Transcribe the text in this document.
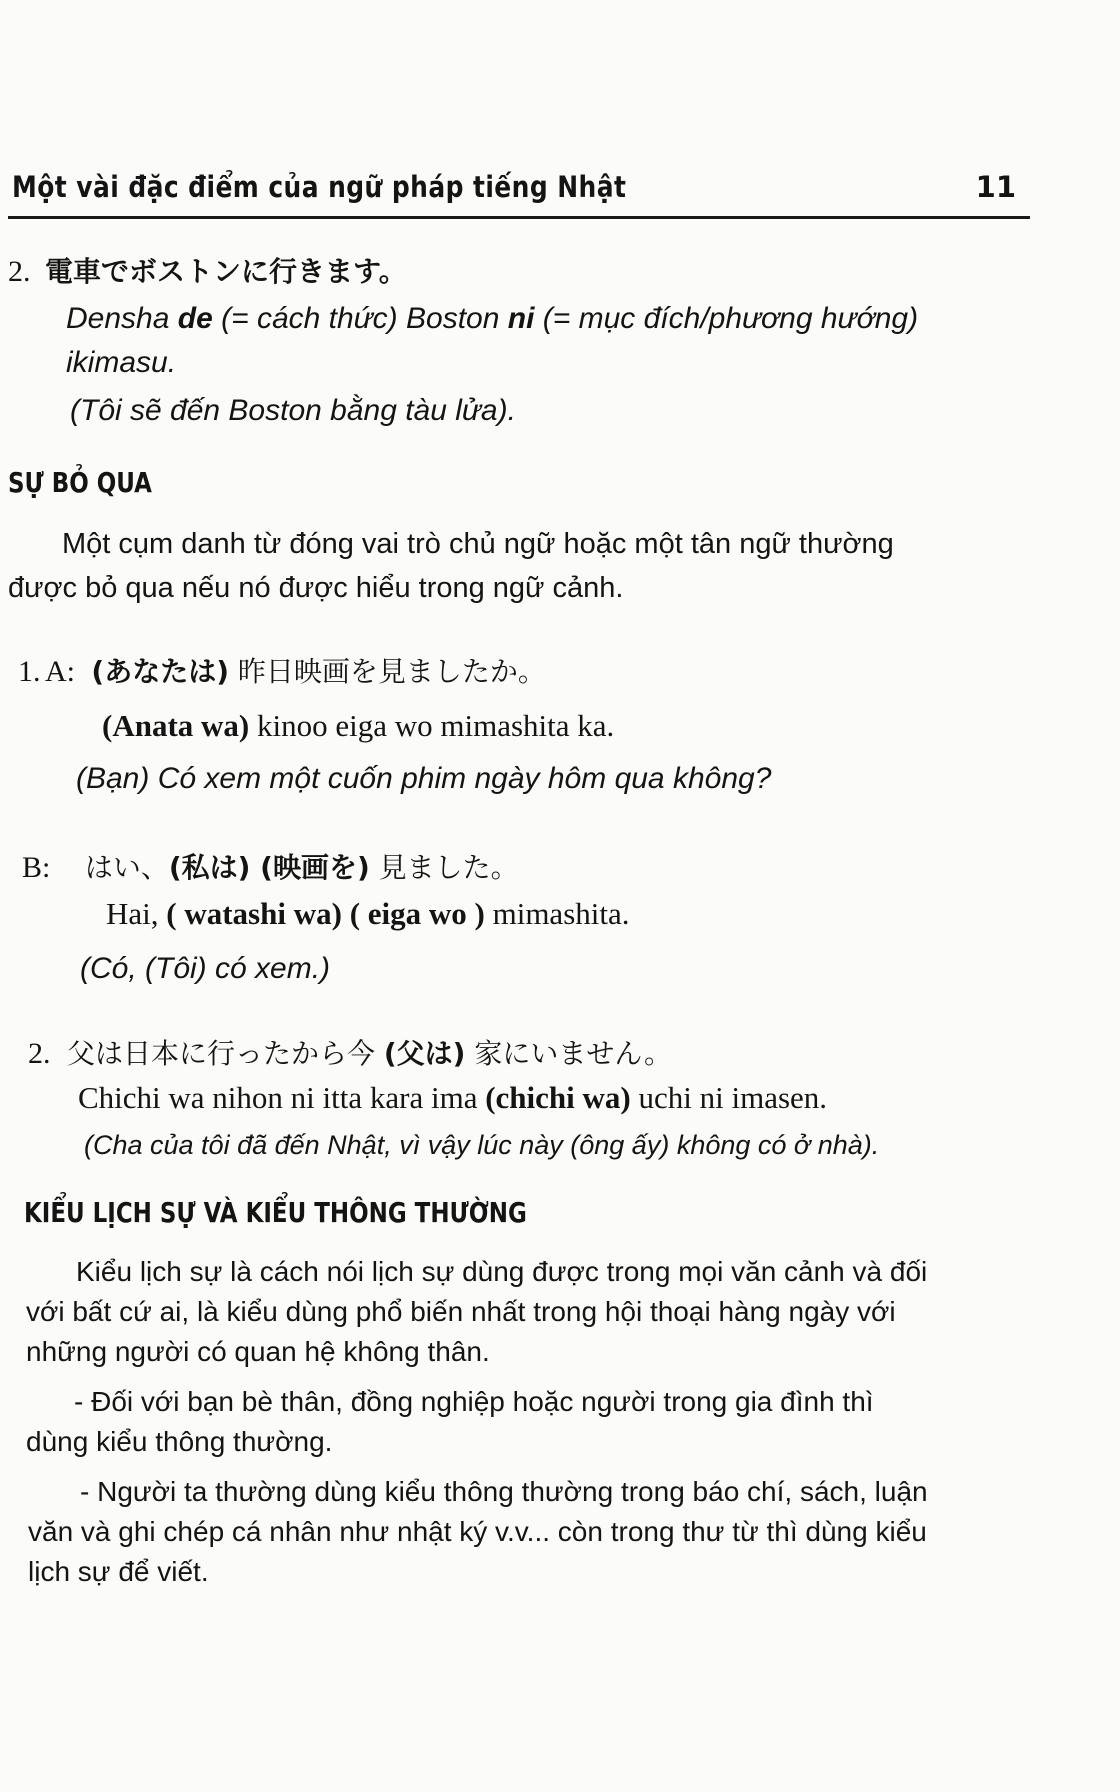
Một vài đặc điểm của ngữ pháp tiếng Nhật	11
2. 電車でボストンに行きます。
Densha de (= cách thức) Boston ni (= mục đích/phương hướng)
ikimasu.
(Tôi sẽ đến Boston bằng tàu lửa).
SỰ BỎ QUA
Một cụm danh từ đóng vai trò chủ ngữ hoặc một tân ngữ thường
được bỏ qua nếu nó được hiểu trong ngữ cảnh.
1. A: (あなたは) 昨日映画を見ましたか。
(Anata wa) kinoo eiga wo mimashita ka.
(Bạn) Có xem một cuốn phim ngày hôm qua không?
B: はい、(私は) (映画を) 見ました。
Hai, ( watashi wa) ( eiga wo ) mimashita.
(Có, (Tôi) có xem.)
2. 父は日本に行ったから今 (父は) 家にいません。
Chichi wa nihon ni itta kara ima (chichi wa) uchi ni imasen.
(Cha của tôi đã đến Nhật, vì vậy lúc này (ông ấy) không có ở nhà).
KIỂU LỊCH SỰ VÀ KIỂU THÔNG THƯỜNG
Kiểu lịch sự là cách nói lịch sự dùng được trong mọi văn cảnh và đối
với bất cứ ai, là kiểu dùng phổ biến nhất trong hội thoại hàng ngày với
những người có quan hệ không thân.
- Đối với bạn bè thân, đồng nghiệp hoặc người trong gia đình thì
dùng kiểu thông thường.
- Người ta thường dùng kiểu thông thường trong báo chí, sách, luận
văn và ghi chép cá nhân như nhật ký v.v... còn trong thư từ thì dùng kiểu
lịch sự để viết.
